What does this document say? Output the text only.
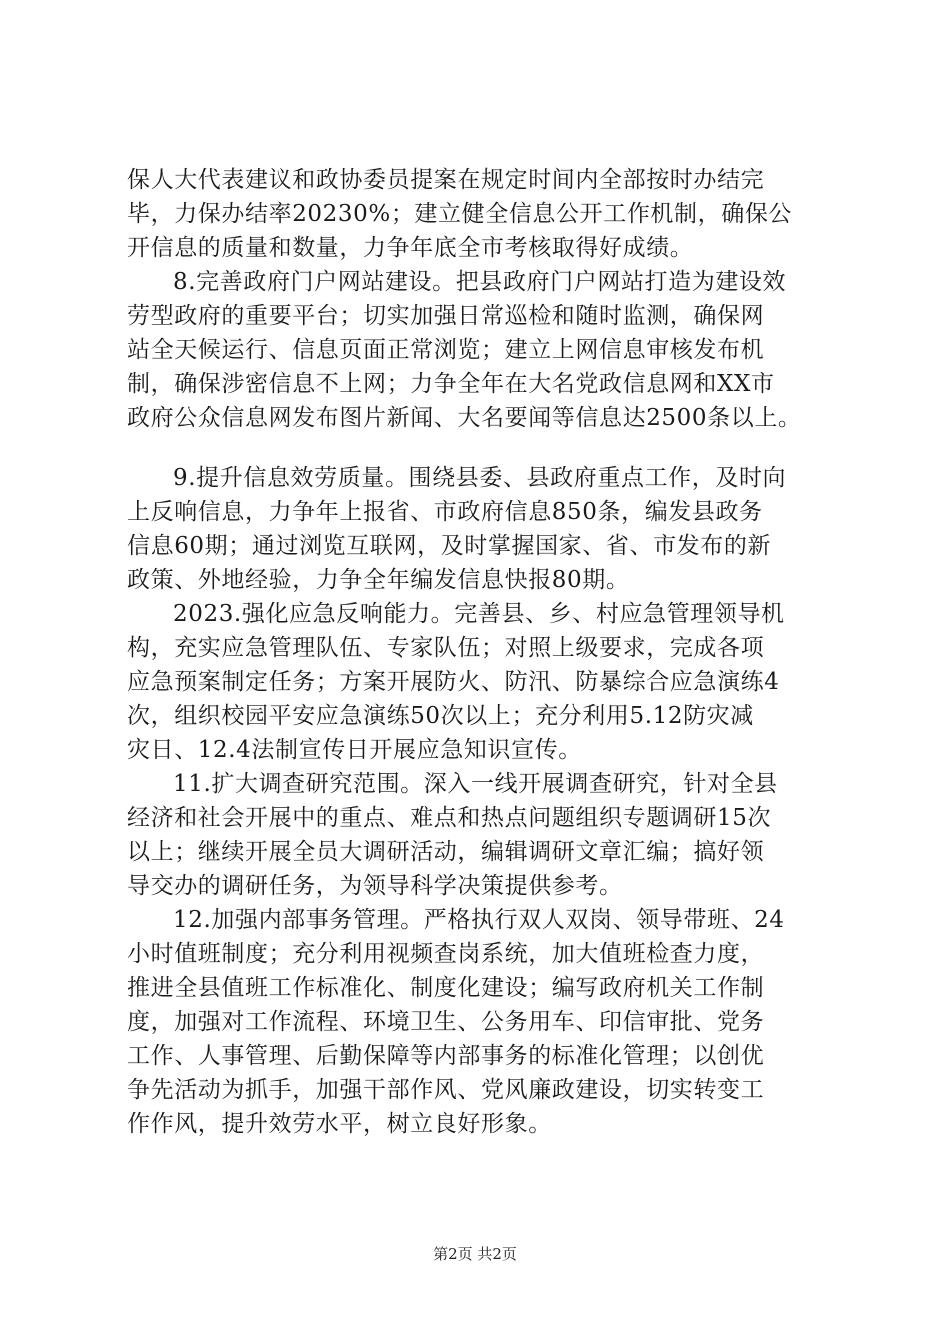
保人大代表建议和政协委员提案在规定时间内全部按时办结完
毕，力保办结率20230%；建立健全信息公开工作机制，确保公
开信息的质量和数量，力争年底全市考核取得好成绩。
8.完善政府门户网站建设。把县政府门户网站打造为建设效
劳型政府的重要平台；切实加强日常巡检和随时监测，确保网
站全天候运行、信息页面正常浏览；建立上网信息审核发布机
制，确保涉密信息不上网；力争全年在大名党政信息网和XX市
政府公众信息网发布图片新闻、大名要闻等信息达2500条以上。
9.提升信息效劳质量。围绕县委、县政府重点工作，及时向
上反响信息，力争年上报省、市政府信息850条，编发县政务
信息60期；通过浏览互联网，及时掌握国家、省、市发布的新
政策、外地经验，力争全年编发信息快报80期。
2023.强化应急反响能力。完善县、乡、村应急管理领导机
构，充实应急管理队伍、专家队伍；对照上级要求，完成各项
应急预案制定任务；方案开展防火、防汛、防暴综合应急演练4
次，组织校园平安应急演练50次以上；充分利用5.12防灾减
灾日、12.4法制宣传日开展应急知识宣传。
11.扩大调查研究范围。深入一线开展调查研究，针对全县
经济和社会开展中的重点、难点和热点问题组织专题调研15次
以上；继续开展全员大调研活动，编辑调研文章汇编；搞好领
导交办的调研任务，为领导科学决策提供参考。
12.加强内部事务管理。严格执行双人双岗、领导带班、24
小时值班制度；充分利用视频查岗系统，加大值班检查力度，
推进全县值班工作标准化、制度化建设；编写政府机关工作制
度，加强对工作流程、环境卫生、公务用车、印信审批、党务
工作、人事管理、后勤保障等内部事务的标准化管理；以创优
争先活动为抓手，加强干部作风、党风廉政建设，切实转变工
作作风，提升效劳水平，树立良好形象。
第2页 共2页
